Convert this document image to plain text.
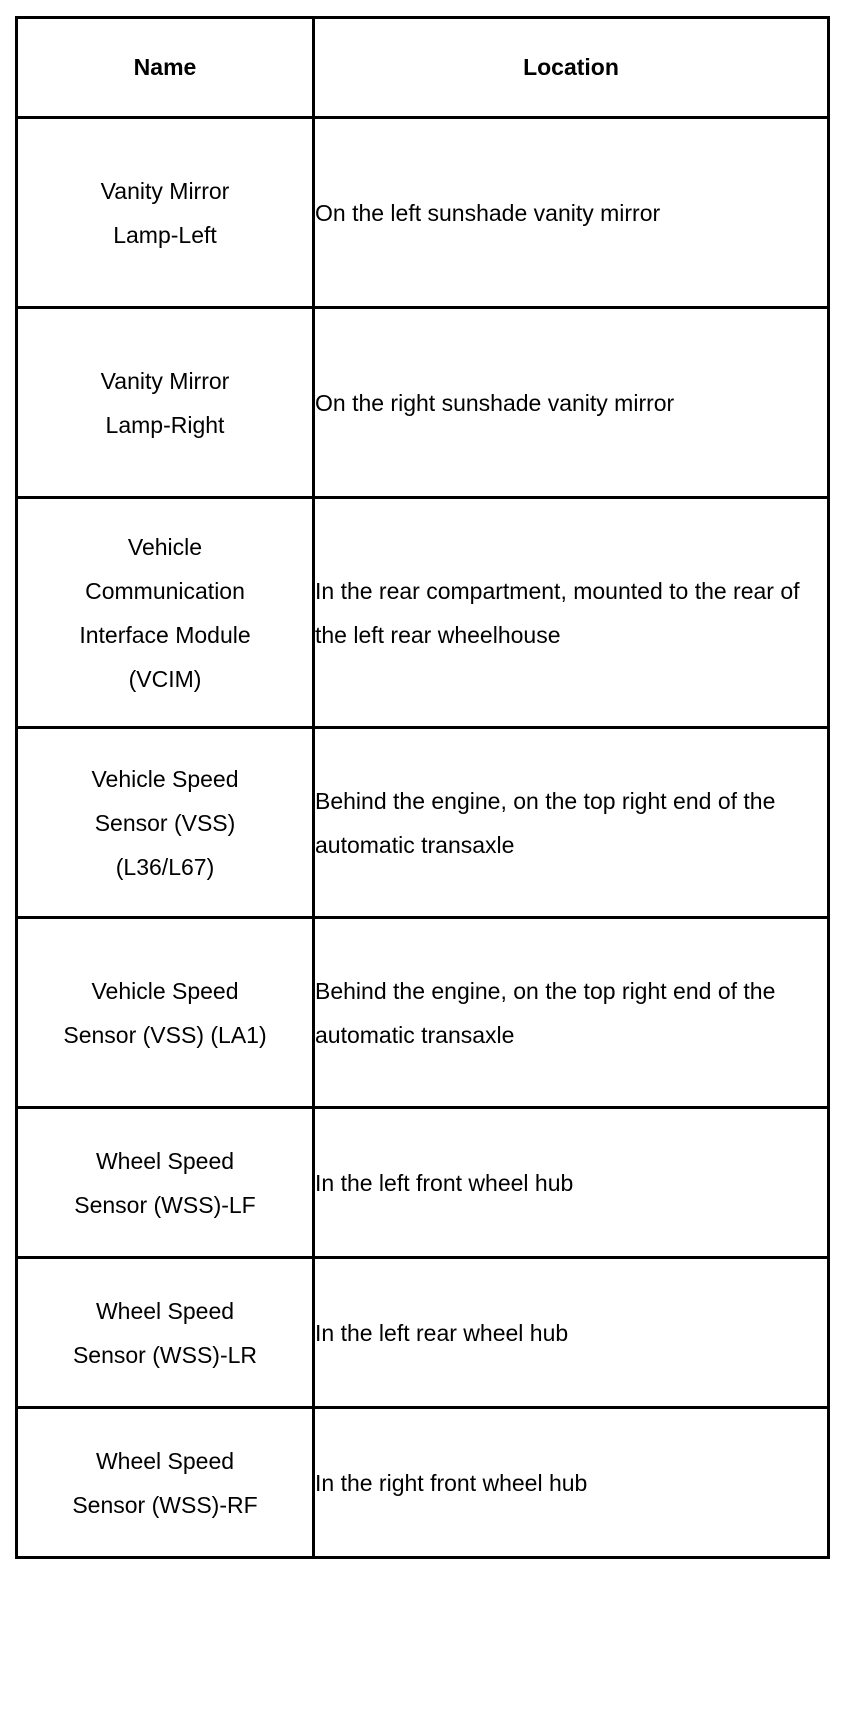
Name	Location

Vanity Mirror
Lamp-Left	On the left sunshade vanity mirror

Vanity Mirror
Lamp-Right	On the right sunshade vanity mirror

Vehicle
Communication
Interface Module
(VCIM)	In the rear compartment, mounted to the rear of the left rear wheelhouse

Vehicle Speed
Sensor (VSS)
(L36/L67)	Behind the engine, on the top right end of the automatic transaxle

Vehicle Speed
Sensor (VSS) (LA1)	Behind the engine, on the top right end of the automatic transaxle

Wheel Speed
Sensor (WSS)-LF	In the left front wheel hub

Wheel Speed
Sensor (WSS)-LR	In the left rear wheel hub

Wheel Speed
Sensor (WSS)-RF	In the right front wheel hub
